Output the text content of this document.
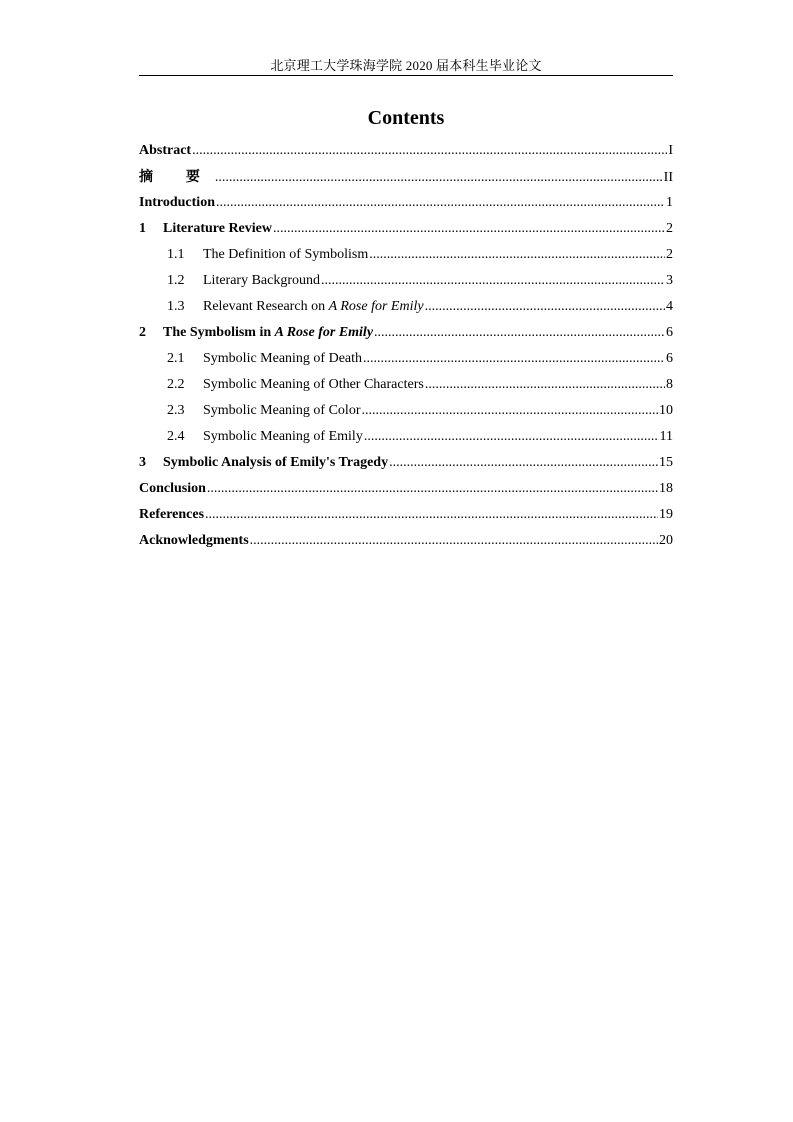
北京理工大学珠海学院 2020 届本科生毕业论文
Contents
Abstract .....	I
摘 要 .....	II
Introduction .....	1
1	Literature Review .....	2
1.1	The Definition of Symbolism .....	2
1.2	Literary Background .....	3
1.3	Relevant Research on A Rose for Emily .....	4
2	The Symbolism in A Rose for Emily .....	6
2.1	Symbolic Meaning of Death .....	6
2.2	Symbolic Meaning of Other Characters .....	8
2.3	Symbolic Meaning of Color .....	10
2.4	Symbolic Meaning of Emily .....	11
3	Symbolic Analysis of Emily's Tragedy .....	15
Conclusion .....	18
References .....	19
Acknowledgments .....	20
